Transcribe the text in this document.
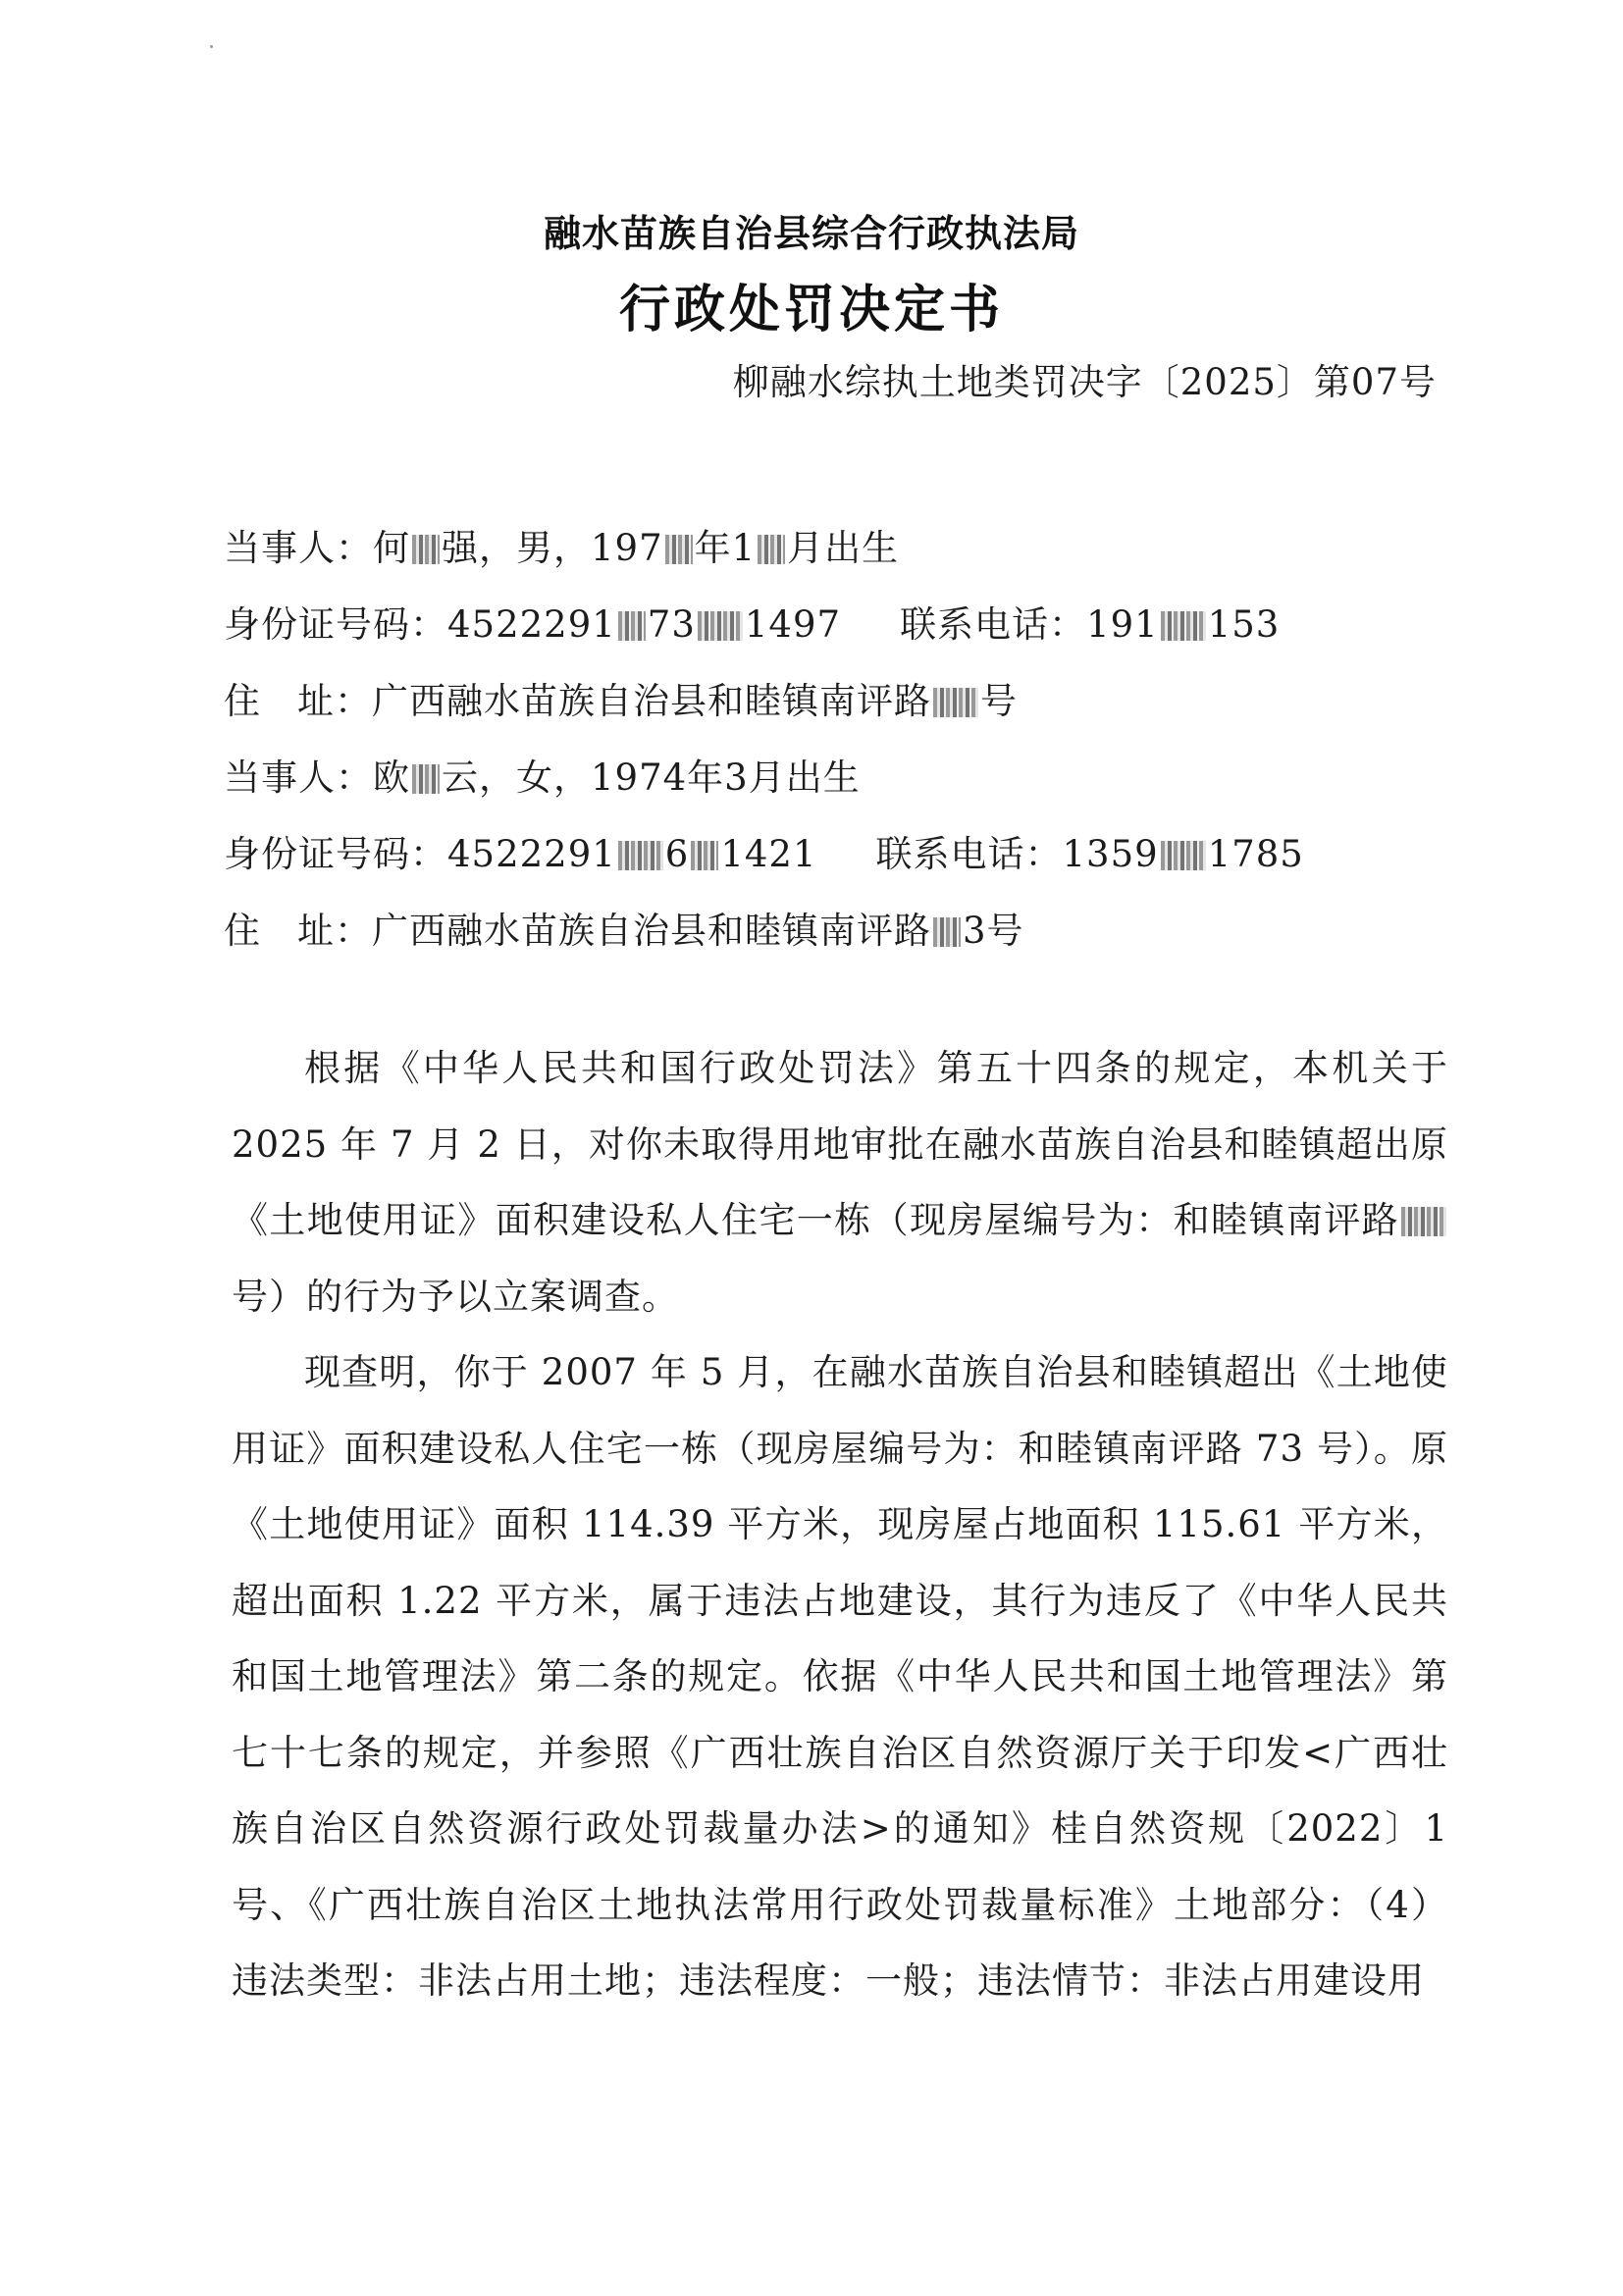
融水苗族自治县综合行政执法局
行政处罚决定书
柳融水综执土地类罚决字〔2025〕第07号
当事人：何 强，男，197 年1 月出生
身份证号码：4522291 73 1497 联系电话：191 153
住 址：广西融水苗族自治县和睦镇南评路 号
当事人：欧 云，女，1974年3月出生
身份证号码：4522291 6 1421 联系电话：1359 1785
住 址：广西融水苗族自治县和睦镇南评路 3号

根据《中华人民共和国行政处罚法》第五十四条的规定，本机关于 2025 年 7 月 2 日，对你未取得用地审批在融水苗族自治县和睦镇超出原《土地使用证》面积建设私人住宅一栋（现房屋编号为：和睦镇南评路号）的行为予以立案调查。

现查明，你于 2007 年 5 月，在融水苗族自治县和睦镇超出《土地使用证》面积建设私人住宅一栋（现房屋编号为：和睦镇南评路 73 号）。原《土地使用证》面积 114.39 平方米，现房屋占地面积 115.61 平方米，超出面积 1.22 平方米，属于违法占地建设，其行为违反了《中华人民共和国土地管理法》第二条的规定。依据《中华人民共和国土地管理法》第七十七条的规定，并参照《广西壮族自治区自然资源厅关于印发<广西壮族自治区自然资源行政处罚裁量办法>的通知》桂自然资规〔2022〕1 号、《广西壮族自治区土地执法常用行政处罚裁量标准》土地部分：（4）违法类型：非法占用土地；违法程度：一般；违法情节：非法占用建设用
